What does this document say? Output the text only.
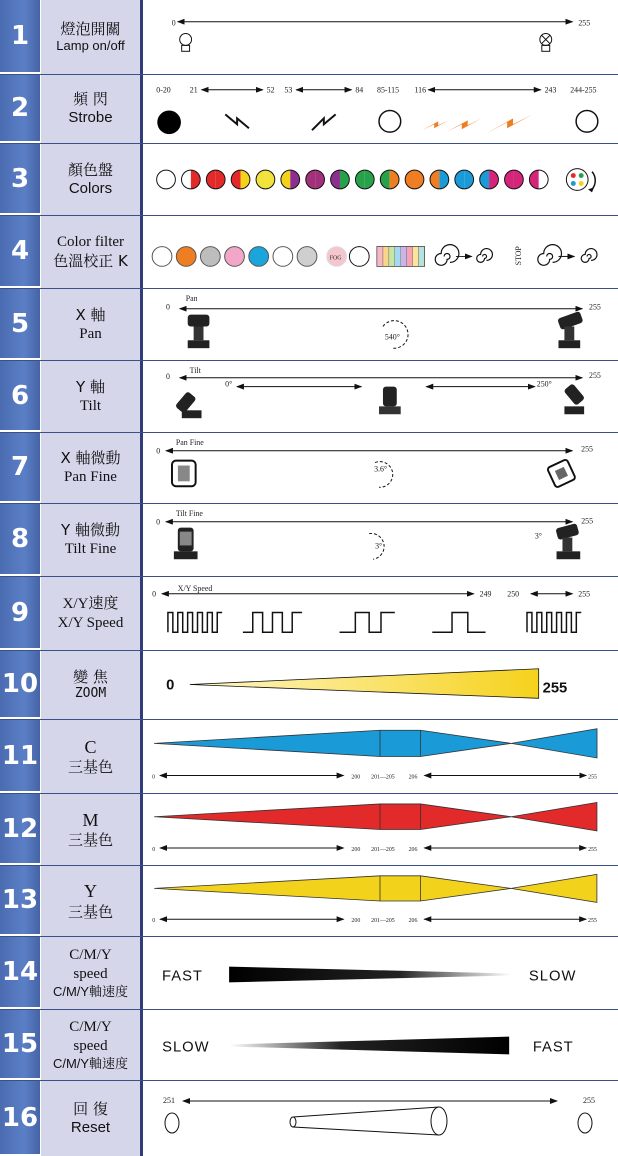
1	燈泡開關
Lamp on/off
0	255
2	頻 閃
Strobe
0-20 21	52 53	84 85-115 116	243 244-255
3	顏色盤
Colors
4	Color filter
色溫校正 K	FOG	STOP
5	X 軸
Pan
0
Pan
255
540°
6	Y 軸
Tilt
0
Tilt
255
0°	250°
7	X 軸微動
Pan Fine
0
Pan Fine
255
3.6°
8	Y 軸微動
Tilt Fine
0
Tilt Fine
255
3°
3°
9	X/Y速度
X/Y Speed
0
X/Y Speed
249 250	255
10 變 焦
ZOOM
0	255
11	C
三基色
0	200 201—205 206	255
12 M
三基色
0	200 201—205 206	255
13	Y
三基色
0	200 201—205 206	255
14
C/M/Y speed
C/M/Y軸速度
FAST	SLOW
15
C/M/Y speed
C/M/Y軸速度
SLOW	FAST
16 回 復
Reset
251	255
